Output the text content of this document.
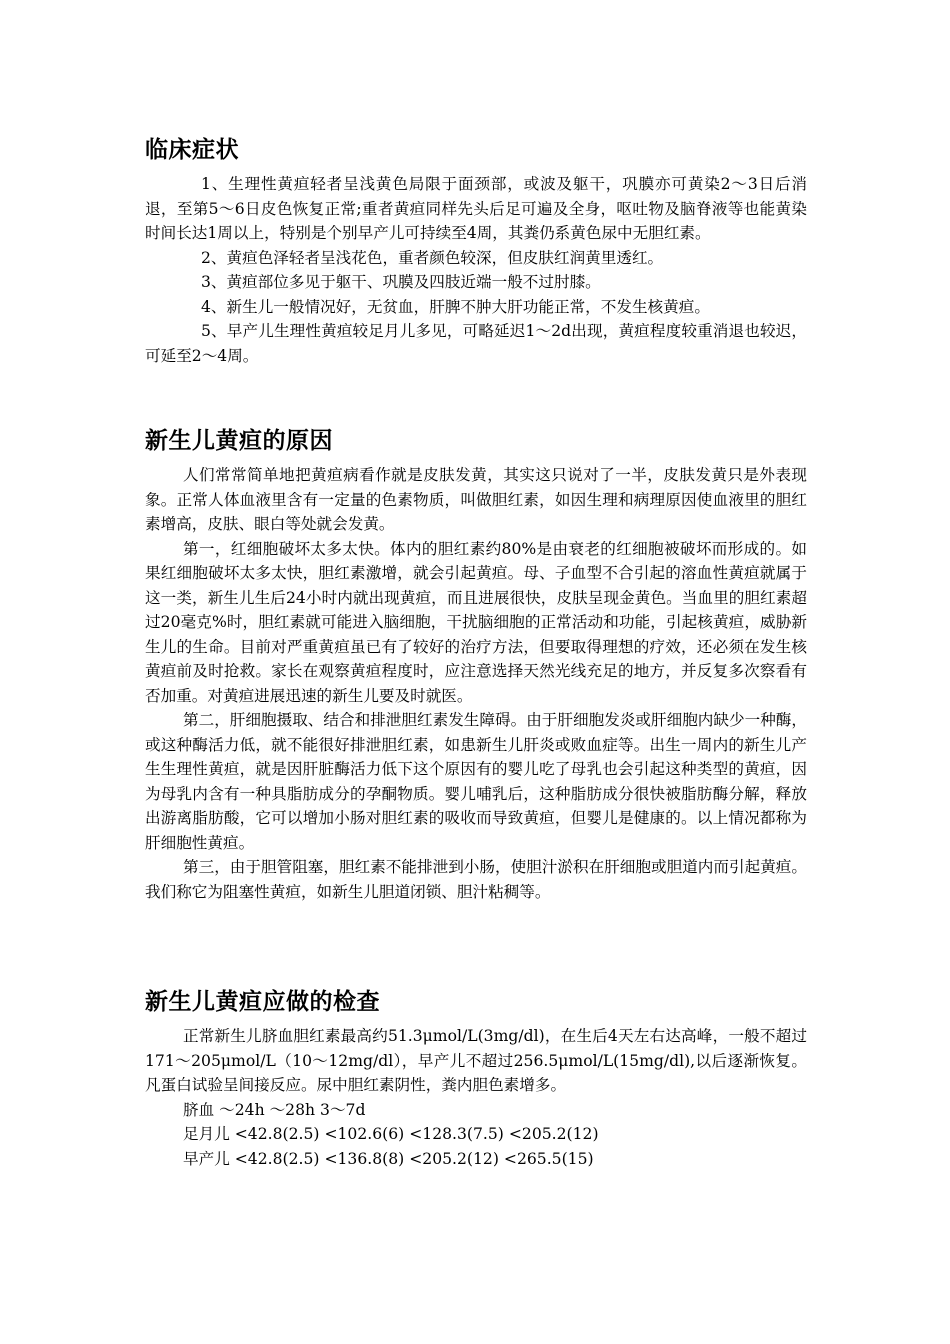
临床症状

1、生理性黄疸轻者呈浅黄色局限于面颈部，或波及躯干，巩膜亦可黄染2～3日后消退，至第5～6日皮色恢复正常;重者黄疸同样先头后足可遍及全身，呕吐物及脑脊液等也能黄染时间长达1周以上，特别是个别早产儿可持续至4周，其粪仍系黄色尿中无胆红素。

2、黄疸色泽轻者呈浅花色，重者颜色较深，但皮肤红润黄里透红。

3、黄疸部位多见于躯干、巩膜及四肢近端一般不过肘膝。

4、新生儿一般情况好，无贫血，肝脾不肿大肝功能正常，不发生核黄疸。

5、早产儿生理性黄疸较足月儿多见，可略延迟1～2d出现，黄疸程度较重消退也较迟，可延至2～4周。

新生儿黄疸的原因

人们常常简单地把黄疸病看作就是皮肤发黄，其实这只说对了一半，皮肤发黄只是外表现象。正常人体血液里含有一定量的色素物质，叫做胆红素，如因生理和病理原因使血液里的胆红素增高，皮肤、眼白等处就会发黄。

第一，红细胞破坏太多太快。体内的胆红素约80%是由衰老的红细胞被破坏而形成的。如果红细胞破坏太多太快，胆红素激增，就会引起黄疸。母、子血型不合引起的溶血性黄疸就属于这一类，新生儿生后24小时内就出现黄疸，而且进展很快，皮肤呈现金黄色。当血里的胆红素超过20毫克%时，胆红素就可能进入脑细胞，干扰脑细胞的正常活动和功能，引起核黄疸，威胁新生儿的生命。目前对严重黄疸虽已有了较好的治疗方法，但要取得理想的疗效，还必须在发生核黄疸前及时抢救。家长在观察黄疸程度时，应注意选择天然光线充足的地方，并反复多次察看有否加重。对黄疸进展迅速的新生儿要及时就医。

第二，肝细胞摄取、结合和排泄胆红素发生障碍。由于肝细胞发炎或肝细胞内缺少一种酶，或这种酶活力低，就不能很好排泄胆红素，如患新生儿肝炎或败血症等。出生一周内的新生儿产生生理性黄疸，就是因肝脏酶活力低下这个原因有的婴儿吃了母乳也会引起这种类型的黄疸，因为母乳内含有一种具脂肪成分的孕酮物质。婴儿哺乳后，这种脂肪成分很快被脂肪酶分解，释放出游离脂肪酸，它可以增加小肠对胆红素的吸收而导致黄疸，但婴儿是健康的。以上情况都称为肝细胞性黄疸。

第三，由于胆管阻塞，胆红素不能排泄到小肠，使胆汁淤积在肝细胞或胆道内而引起黄疸。我们称它为阻塞性黄疸，如新生儿胆道闭锁、胆汁粘稠等。

新生儿黄疸应做的检查

正常新生儿脐血胆红素最高约51.3μmol/L(3mg/dl)，在生后4天左右达高峰，一般不超过171～205μmol/L（10～12mg/dl），早产儿不超过256.5μmol/L(15mg/dl),以后逐渐恢复。凡蛋白试验呈间接反应。尿中胆红素阴性，粪内胆色素增多。

脐血 ～24h ～28h 3～7d

足月儿 <42.8(2.5) <102.6(6) <128.3(7.5) <205.2(12)

早产儿 <42.8(2.5) <136.8(8) <205.2(12) <265.5(15)
